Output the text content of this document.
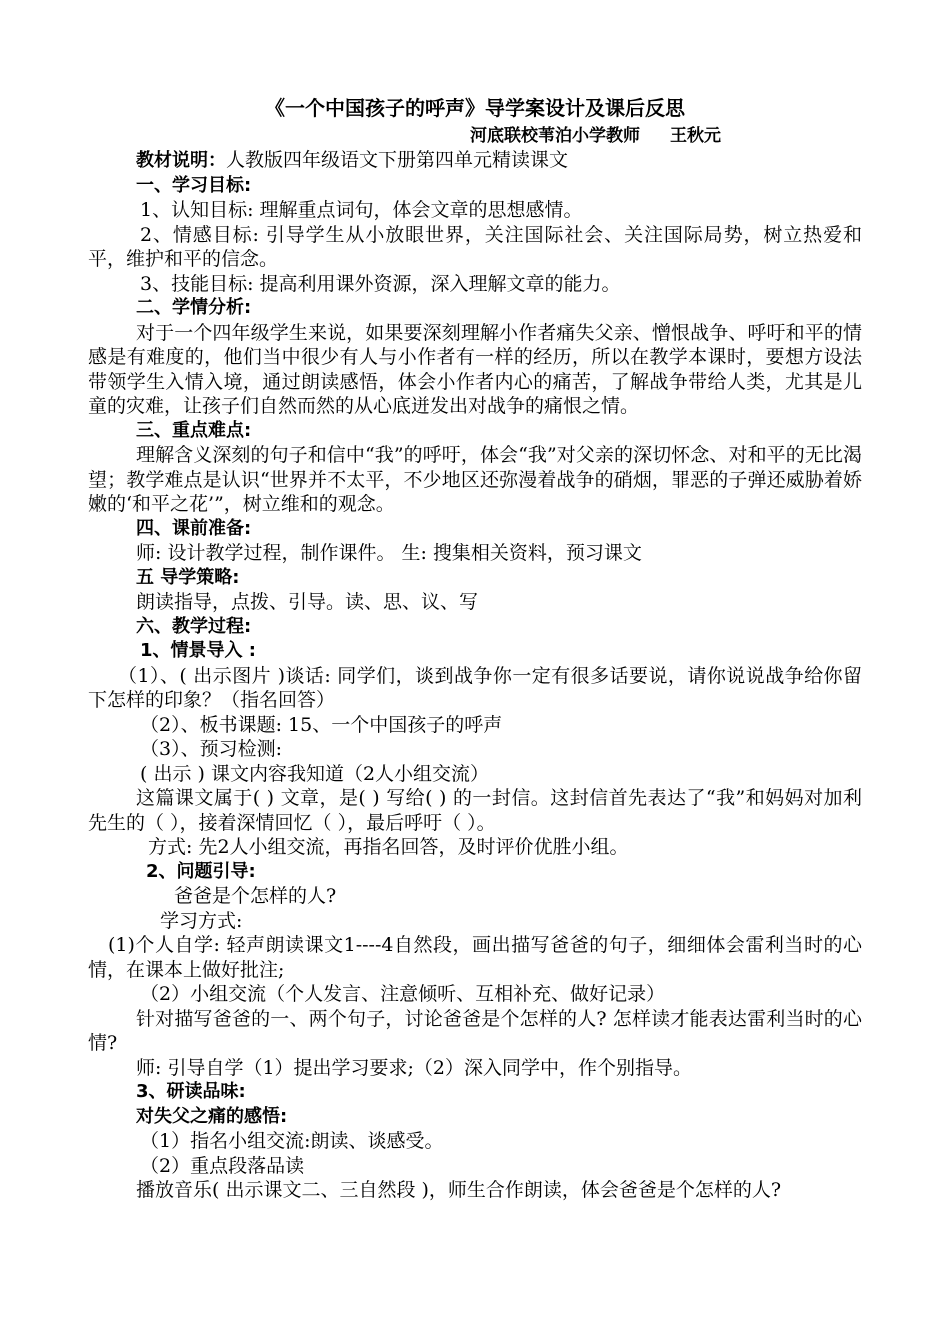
《一个中国孩子的呼声》导学案设计及课后反思
河底联校苇泊小学教师 王秋元
教材说明：人教版四年级语文下册第四单元精读课文
一、学习目标:
1、认知目标: 理解重点词句，体会文章的思想感情。
2、情感目标: 引导学生从小放眼世界，关注国际社会、关注国际局势，树立热爱和平，维护和平的信念。
3、技能目标: 提高利用课外资源，深入理解文章的能力。
二、学情分析:
对于一个四年级学生来说，如果要深刻理解小作者痛失父亲、憎恨战争、呼吁和平的情感是有难度的，他们当中很少有人与小作者有一样的经历，所以在教学本课时，要想方设法带领学生入情入境，通过朗读感悟，体会小作者内心的痛苦，了解战争带给人类，尤其是儿童的灾难，让孩子们自然而然的从心底迸发出对战争的痛恨之情。
三、重点难点:
理解含义深刻的句子和信中“我”的呼吁，体会“我”对父亲的深切怀念、对和平的无比渴望；教学难点是认识“世界并不太平，不少地区还弥漫着战争的硝烟，罪恶的子弹还威胁着娇嫩的‘和平之花’”，树立维和的观念。
四、课前准备:
师: 设计教学过程，制作课件。 生: 搜集相关资料，预习课文
五 导学策略:
朗读指导，点拨、引导。读、思、议、写
六、教学过程:
1、情景导入 :
（1）、( 出示图片 )谈话: 同学们，谈到战争你一定有很多话要说，请你说说战争给你留下怎样的印象？（指名回答）
（2）、板书课题: 15、一个中国孩子的呼声
（3）、预习检测:
( 出示 ) 课文内容我知道（2人小组交流）
这篇课文属于( ) 文章，是( ) 写给( ) 的一封信。这封信首先表达了“我”和妈妈对加利先生的（ ），接着深情回忆（ ），最后呼吁（ ）。
方式: 先2人小组交流，再指名回答，及时评价优胜小组。
2、问题引导:
爸爸是个怎样的人?
学习方式:
(1)个人自学: 轻声朗读课文1----4自然段，画出描写爸爸的句子，细细体会雷利当时的心情，在课本上做好批注;
（2）小组交流（个人发言、注意倾听、互相补充、做好记录）
针对描写爸爸的一、两个句子，讨论爸爸是个怎样的人? 怎样读才能表达雷利当时的心情?
师: 引导自学（1）提出学习要求;（2）深入同学中，作个别指导。
3、研读品味:
对失父之痛的感悟:
（1）指名小组交流:朗读、谈感受。
（2）重点段落品读
播放音乐( 出示课文二、三自然段 )，师生合作朗读，体会爸爸是个怎样的人?
